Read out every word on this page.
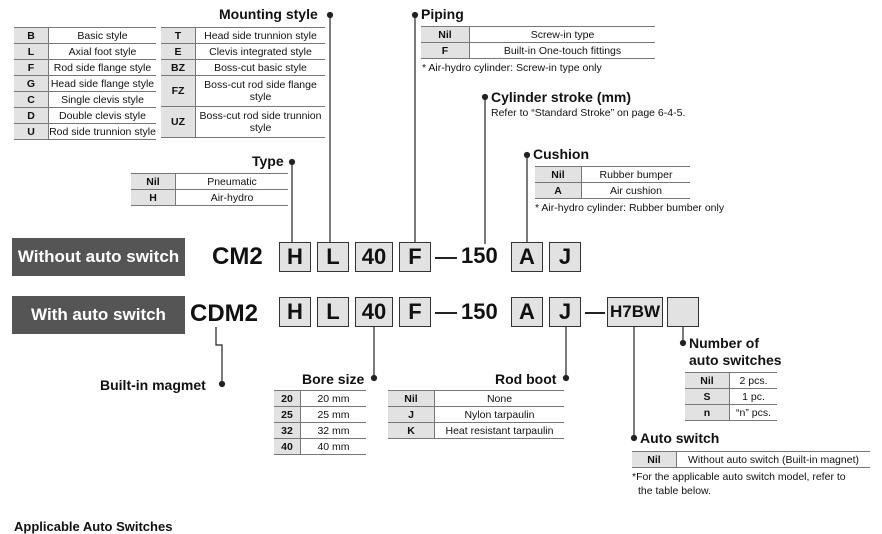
Mounting style
B	Basic style
L	Axial foot style
F	Rod side flange style
G	Head side flange style
C	Single clevis style
D	Double clevis style
U	Rod side trunnion style
T	Head side trunnion style
E	Clevis integrated style
BZ	Boss-cut basic style
FZ	Boss-cut rod side flange style
UZ	Boss-cut rod side trunnion style
Piping
Nil	Screw-in type
F	Built-in One-touch fittings
* Air-hydro cylinder: Screw-in type only
Cylinder stroke (mm)
Refer to “Standard Stroke” on page 6-4-5.
Cushion
Nil	Rubber bumper
A	Air cushion
* Air-hydro cylinder: Rubber bumber only
Type
Nil	Pneumatic
H	Air-hydro
Without auto switch CM2	H	L	40	F	150 A	J
With auto switch	CDM2	H	L	40	F	150 A	J	H7BW
Built-in magmet	Bore size
20	20 mm
25	25 mm
32	32 mm
40	40 mm
Rod boot
Nil	None
J	Nylon tarpaulin
K	Heat resistant tarpaulin
Number of
auto switches
Nil	2 pcs.
S	1 pc.
n	“n” pcs.
Auto switch
Nil	Without auto switch (Built-in magnet)
*For the applicable auto switch model, refer to
the table below.
Applicable Auto Switches
